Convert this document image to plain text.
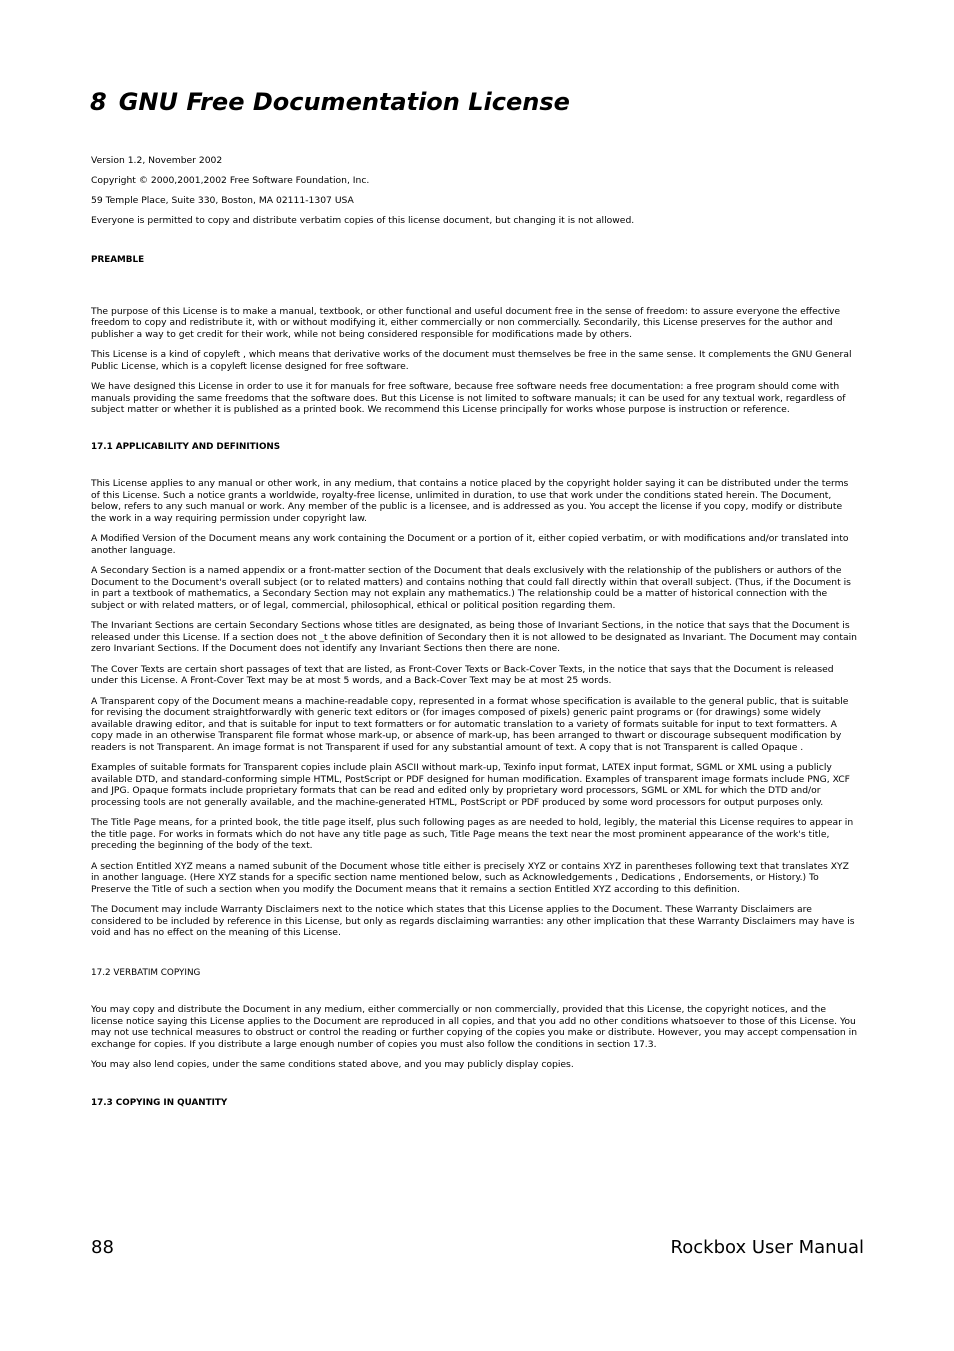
8 GNU Free Documentation License

Version 1.2, November 2002

Copyright © 2000,2001,2002 Free Software Foundation, Inc.

59 Temple Place, Suite 330, Boston, MA 02111-1307 USA

Everyone is permitted to copy and distribute verbatim copies of this license document, but changing it is not allowed.

PREAMBLE

The purpose of this License is to make a manual, textbook, or other functional and useful document free in the sense of freedom: to assure everyone the effective freedom to copy and redistribute it, with or without modifying it, either commercially or non commercially. Secondarily, this License preserves for the author and publisher a way to get credit for their work, while not being considered responsible for modifications made by others.

This License is a kind of copyleft , which means that derivative works of the document must themselves be free in the same sense. It complements the GNU General Public License, which is a copyleft license designed for free software.

We have designed this License in order to use it for manuals for free software, because free software needs free documentation: a free program should come with manuals providing the same freedoms that the software does. But this License is not limited to software manuals; it can be used for any textual work, regardless of subject matter or whether it is published as a printed book. We recommend this License principally for works whose purpose is instruction or reference.

17.1 APPLICABILITY AND DEFINITIONS

This License applies to any manual or other work, in any medium, that contains a notice placed by the copyright holder saying it can be distributed under the terms of this License. Such a notice grants a worldwide, royalty-free license, unlimited in duration, to use that work under the conditions stated herein. The Document, below, refers to any such manual or work. Any member of the public is a licensee, and is addressed as you. You accept the license if you copy, modify or distribute the work in a way requiring permission under copyright law.

A Modified Version of the Document means any work containing the Document or a portion of it, either copied verbatim, or with modifications and/or translated into another language.

A Secondary Section is a named appendix or a front-matter section of the Document that deals exclusively with the relationship of the publishers or authors of the Document to the Document's overall subject (or to related matters) and contains nothing that could fall directly within that overall subject. (Thus, if the Document is in part a textbook of mathematics, a Secondary Section may not explain any mathematics.) The relationship could be a matter of historical connection with the subject or with related matters, or of legal, commercial, philosophical, ethical or political position regarding them.

The Invariant Sections are certain Secondary Sections whose titles are designated, as being those of Invariant Sections, in the notice that says that the Document is released under this License. If a section does not _t the above definition of Secondary then it is not allowed to be designated as Invariant. The Document may contain zero Invariant Sections. If the Document does not identify any Invariant Sections then there are none.

The Cover Texts are certain short passages of text that are listed, as Front-Cover Texts or Back-Cover Texts, in the notice that says that the Document is released under this License. A Front-Cover Text may be at most 5 words, and a Back-Cover Text may be at most 25 words.

A Transparent copy of the Document means a machine-readable copy, represented in a format whose specification is available to the general public, that is suitable for revising the document straightforwardly with generic text editors or (for images composed of pixels) generic paint programs or (for drawings) some widely available drawing editor, and that is suitable for input to text formatters or for automatic translation to a variety of formats suitable for input to text formatters. A copy made in an otherwise Transparent file format whose mark-up, or absence of mark-up, has been arranged to thwart or discourage subsequent modification by readers is not Transparent. An image format is not Transparent if used for any substantial amount of text. A copy that is not Transparent is called Opaque .

Examples of suitable formats for Transparent copies include plain ASCII without mark-up, Texinfo input format, LATEX input format, SGML or XML using a publicly available DTD, and standard-conforming simple HTML, PostScript or PDF designed for human modification. Examples of transparent image formats include PNG, XCF and JPG. Opaque formats include proprietary formats that can be read and edited only by proprietary word processors, SGML or XML for which the DTD and/or processing tools are not generally available, and the machine-generated HTML, PostScript or PDF produced by some word processors for output purposes only.

The Title Page means, for a printed book, the title page itself, plus such following pages as are needed to hold, legibly, the material this License requires to appear in the title page. For works in formats which do not have any title page as such, Title Page means the text near the most prominent appearance of the work's title, preceding the beginning of the body of the text.

A section Entitled XYZ means a named subunit of the Document whose title either is precisely XYZ or contains XYZ in parentheses following text that translates XYZ in another language. (Here XYZ stands for a specific section name mentioned below, such as Acknowledgements , Dedications , Endorsements, or History.) To Preserve the Title of such a section when you modify the Document means that it remains a section Entitled XYZ according to this definition.

The Document may include Warranty Disclaimers next to the notice which states that this License applies to the Document. These Warranty Disclaimers are considered to be included by reference in this License, but only as regards disclaiming warranties: any other implication that these Warranty Disclaimers may have is void and has no effect on the meaning of this License.

17.2 VERBATIM COPYING

You may copy and distribute the Document in any medium, either commercially or non commercially, provided that this License, the copyright notices, and the license notice saying this License applies to the Document are reproduced in all copies, and that you add no other conditions whatsoever to those of this License. You may not use technical measures to obstruct or control the reading or further copying of the copies you make or distribute. However, you may accept compensation in exchange for copies. If you distribute a large enough number of copies you must also follow the conditions in section 17.3.

You may also lend copies, under the same conditions stated above, and you may publicly display copies.

17.3 COPYING IN QUANTITY

88	Rockbox User Manual
